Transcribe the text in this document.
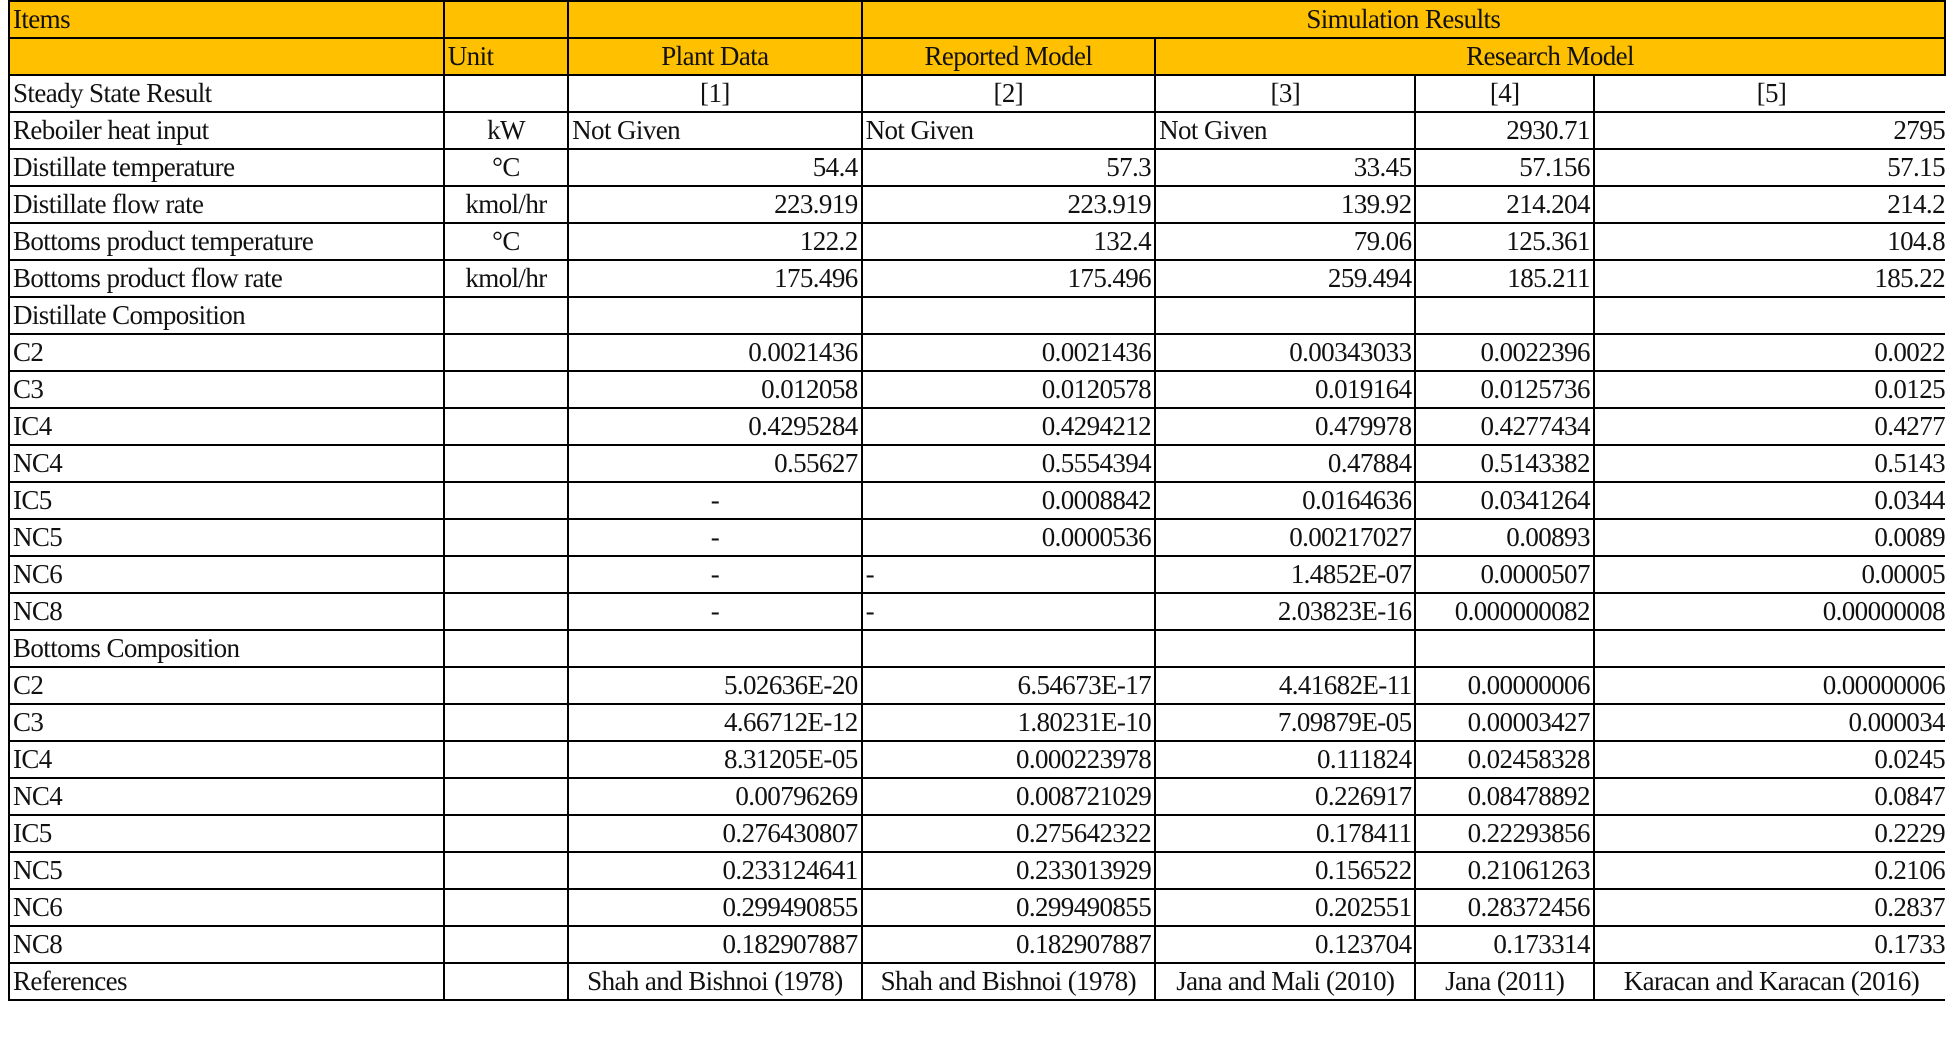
Items			Simulation Results			
	Unit	Plant Data	Reported Model	Research Model		
Steady State Result		[1]	[2]	[3]	[4]	[5]
Reboiler heat input	kW	Not Given	Not Given	Not Given	2930.71	2795
Distillate temperature	°C	54.4	57.3	33.45	57.156	57.15
Distillate flow rate	kmol/hr	223.919	223.919	139.92	214.204	214.2
Bottoms product temperature	°C	122.2	132.4	79.06	125.361	104.8
Bottoms product flow rate	kmol/hr	175.496	175.496	259.494	185.211	185.22
Distillate Composition						
C2		0.0021436	0.0021436	0.00343033	0.0022396	0.0022
C3		0.012058	0.0120578	0.019164	0.0125736	0.0125
IC4		0.4295284	0.4294212	0.479978	0.4277434	0.4277
NC4		0.55627	0.5554394	0.47884	0.5143382	0.5143
IC5		-	0.0008842	0.0164636	0.0341264	0.0344
NC5		-	0.0000536	0.00217027	0.00893	0.0089
NC6		-	-	1.4852E-07	0.0000507	0.00005
NC8		-	-	2.03823E-16	0.000000082	0.00000008
Bottoms Composition						
C2		5.02636E-20	6.54673E-17	4.41682E-11	0.00000006	0.00000006
C3		4.66712E-12	1.80231E-10	7.09879E-05	0.00003427	0.000034
IC4		8.31205E-05	0.000223978	0.111824	0.02458328	0.0245
NC4		0.00796269	0.008721029	0.226917	0.08478892	0.0847
IC5		0.276430807	0.275642322	0.178411	0.22293856	0.2229
NC5		0.233124641	0.233013929	0.156522	0.21061263	0.2106
NC6		0.299490855	0.299490855	0.202551	0.28372456	0.2837
NC8		0.182907887	0.182907887	0.123704	0.173314	0.1733
References		Shah and Bishnoi (1978)	Shah and Bishnoi (1978)	Jana and Mali (2010)	Jana (2011)	Karacan and Karacan (2016)
